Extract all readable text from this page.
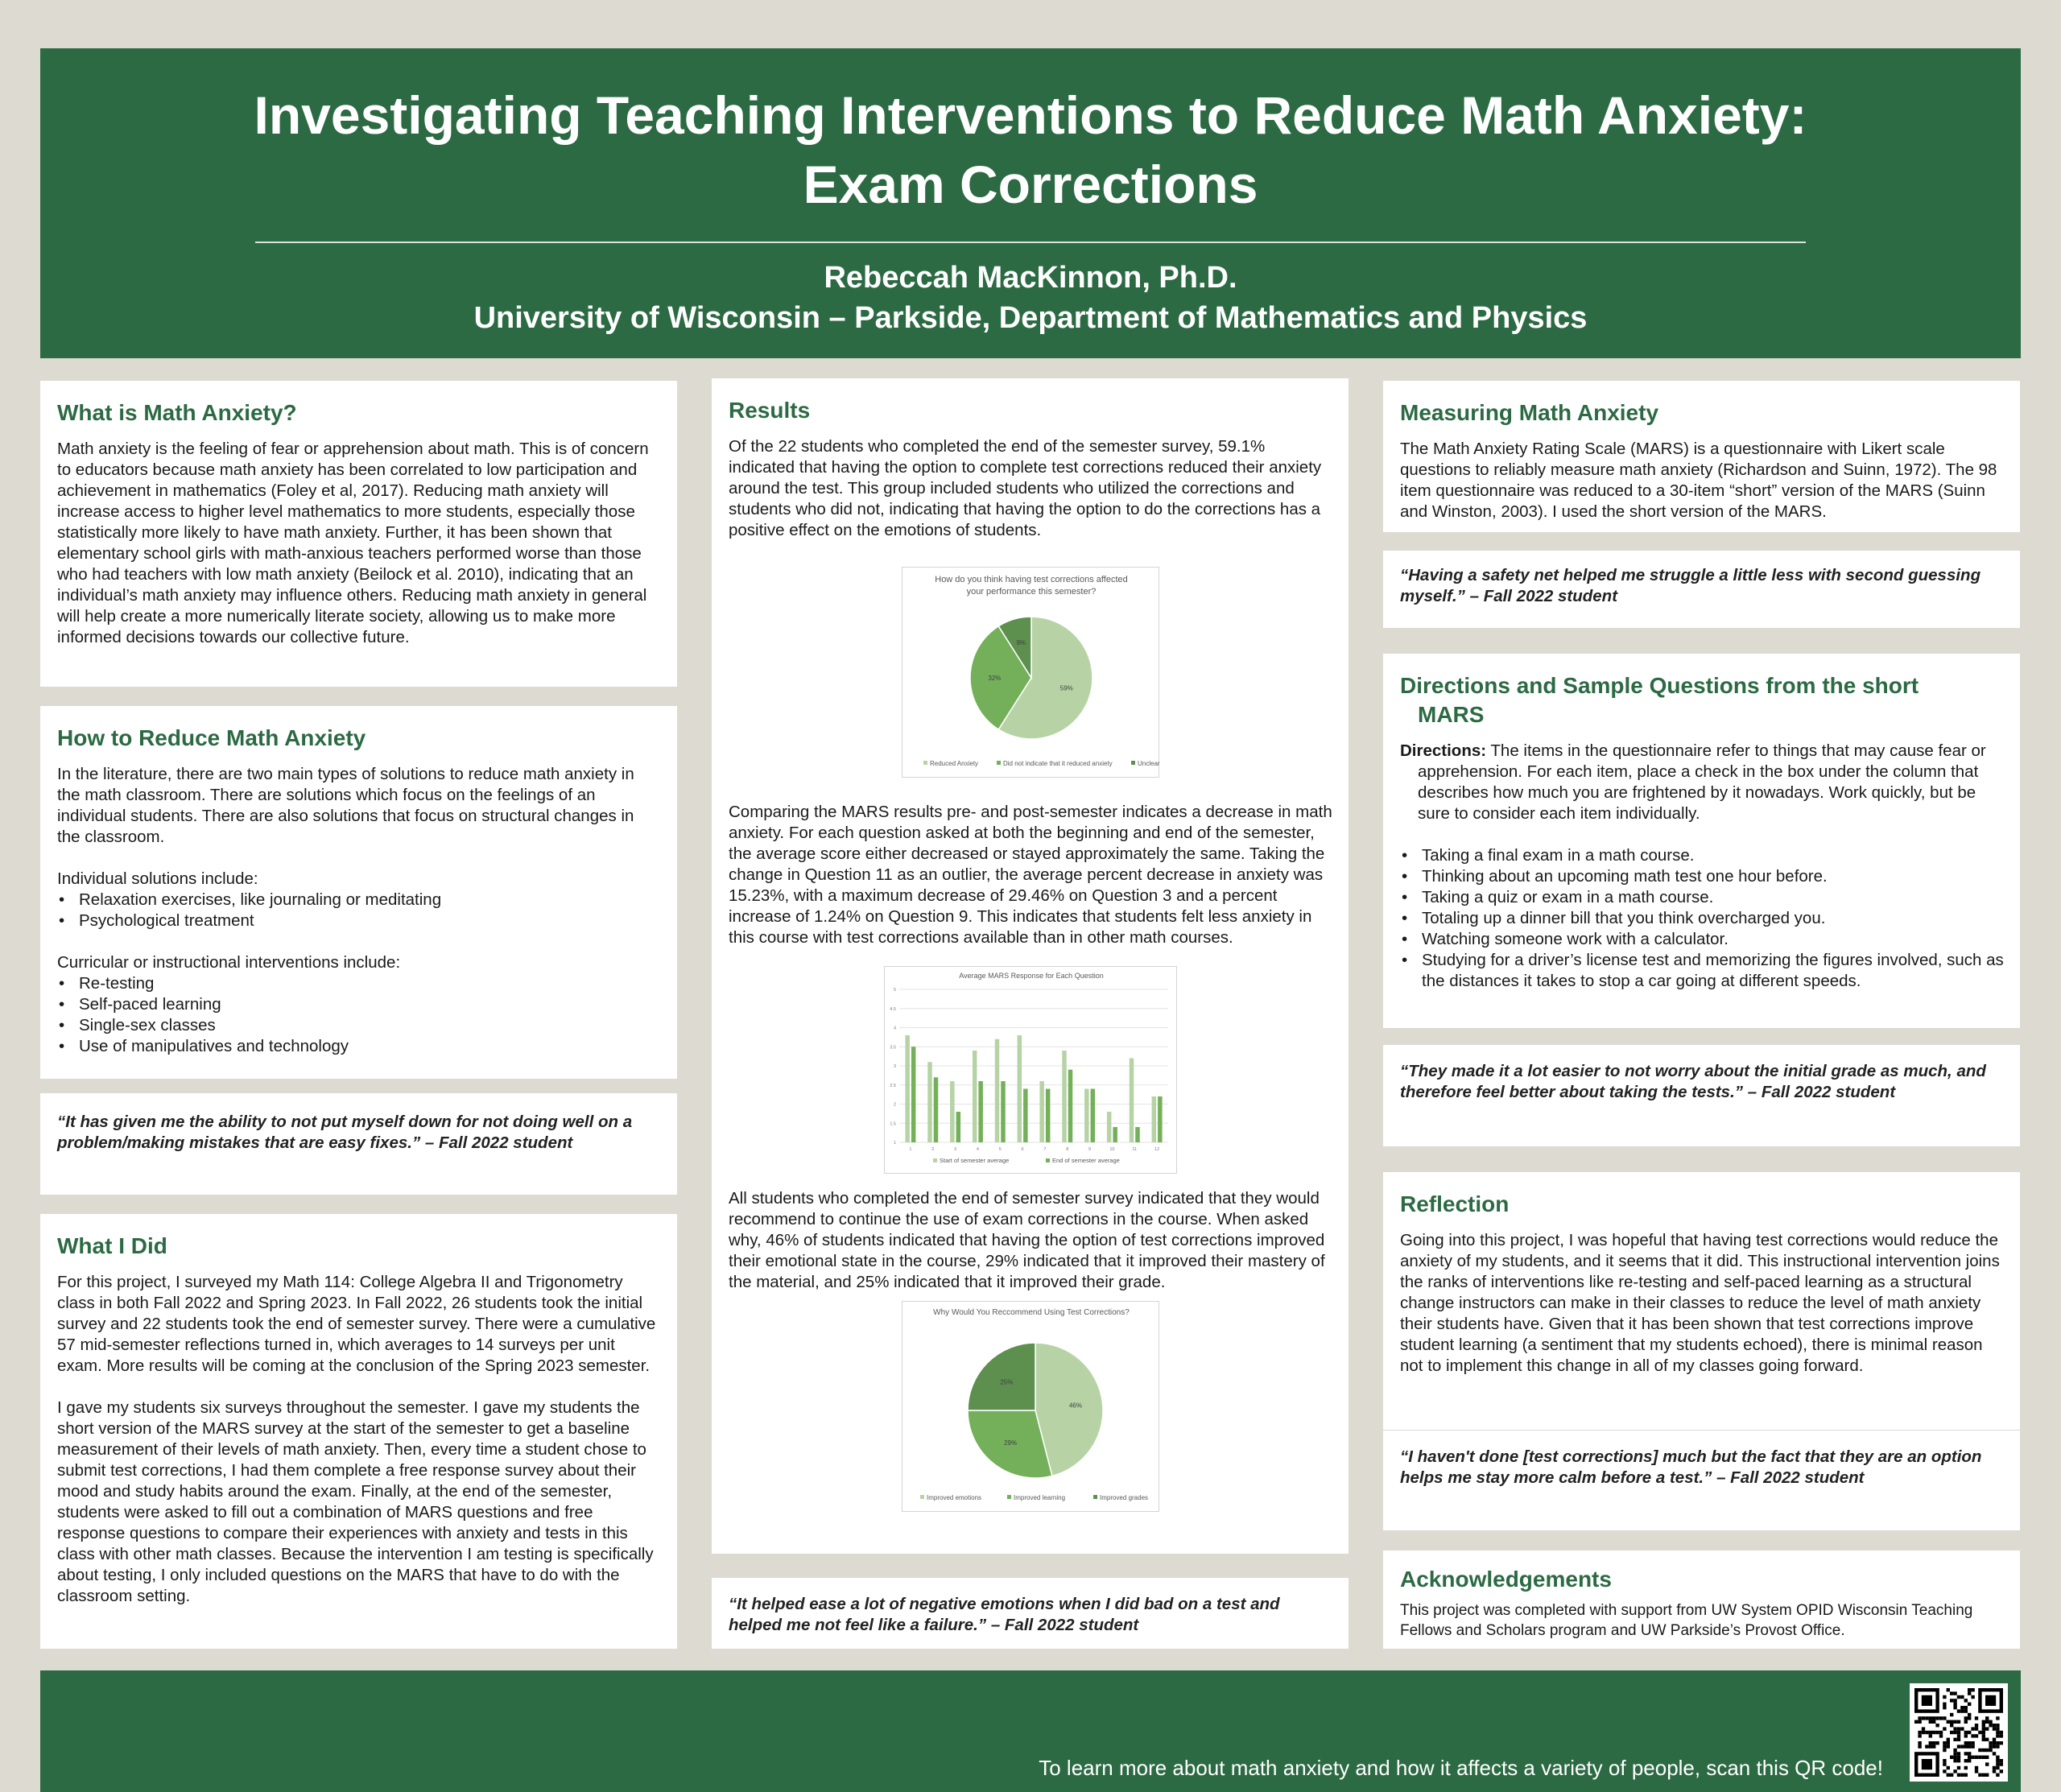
Investigating Teaching Interventions to Reduce Math Anxiety:
Exam Corrections
Rebeccah MacKinnon, Ph.D.
University of Wisconsin – Parkside, Department of Mathematics and Physics
What is Math Anxiety?

Math anxiety is the feeling of fear or apprehension about math. This is of concern to educators because math anxiety has been correlated to low participation and achievement in mathematics (Foley et al, 2017). Reducing math anxiety will increase access to higher level mathematics to more students, especially those statistically more likely to have math anxiety. Further, it has been shown that elementary school girls with math-anxious teachers performed worse than those who had teachers with low math anxiety (Beilock et al. 2010), indicating that an individual’s math anxiety may influence others. Reducing math anxiety in general will help create a more numerically literate society, allowing us to make more informed decisions towards our collective future.

How to Reduce Math Anxiety

In the literature, there are two main types of solutions to reduce math anxiety in the math classroom. There are solutions which focus on the feelings of an individual students. There are also solutions that focus on structural changes in the classroom.

Individual solutions include:

• Relaxation exercises, like journaling or meditating
• Psychological treatment

Curricular or instructional interventions include:

• Re-testing
• Self-paced learning
• Single-sex classes
• Use of manipulatives and technology

“It has given me the ability to not put myself down for not doing well on a problem/making mistakes that are easy fixes.” – Fall 2022 student

What I Did

For this project, I surveyed my Math 114: College Algebra II and Trigonometry class in both Fall 2022 and Spring 2023. In Fall 2022, 26 students took the initial survey and 22 students took the end of semester survey. There were a cumulative 57 mid-semester reflections turned in, which averages to 14 surveys per unit exam. More results will be coming at the conclusion of the Spring 2023 semester.

I gave my students six surveys throughout the semester. I gave my students the short version of the MARS survey at the start of the semester to get a baseline measurement of their levels of math anxiety. Then, every time a student chose to submit test corrections, I had them complete a free response survey about their mood and study habits around the exam. Finally, at the end of the semester, students were asked to fill out a combination of MARS questions and free response questions to compare their experiences with anxiety and tests in this class with other math classes. Because the intervention I am testing is specifically about testing, I only included questions on the MARS that have to do with the classroom setting.

Results

Of the 22 students who completed the end of the semester survey, 59.1% indicated that having the option to complete test corrections reduced their anxiety around the test. This group included students who utilized the corrections and students who did not, indicating that having the option to do the corrections has a positive effect on the emotions of students.

How do you think having test corrections affected
your performance this semester?
59%
32%
9%
Reduced Anxiety	Did not indicate that it reduced anxiety	Unclear

Comparing the MARS results pre- and post-semester indicates a decrease in math anxiety. For each question asked at both the beginning and end of the semester, the average score either decreased or stayed approximately the same. Taking the change in Question 11 as an outlier, the average percent decrease in anxiety was 15.23%, with a maximum decrease of 29.46% on Question 3 and a percent increase of 1.24% on Question 9. This indicates that students felt less anxiety in this course with test corrections available than in other math courses.

Average MARS Response for Each Question
1
1.5
2
2.5
3
3.5
4
4.5
5
1	2	3	4	5	6	7	8	9	10	11	12
Start of semester average	End of semester average

All students who completed the end of semester survey indicated that they would recommend to continue the use of exam corrections in the course. When asked why, 46% of students indicated that having the option of test corrections improved their emotional state in the course, 29% indicated that it improved their mastery of the material, and 25% indicated that it improved their grade.

Why Would You Reccommend Using Test Corrections?
46%
29%
25%
Improved emotions	Improved learning	Improved grades

“It helped ease a lot of negative emotions when I did bad on a test and helped me not feel like a failure.” – Fall 2022 student

Measuring Math Anxiety

The Math Anxiety Rating Scale (MARS) is a questionnaire with Likert scale questions to reliably measure math anxiety (Richardson and Suinn, 1972). The 98 item questionnaire was reduced to a 30-item “short” version of the MARS (Suinn and Winston, 2003). I used the short version of the MARS.

“Having a safety net helped me struggle a little less with second guessing myself.” – Fall 2022 student

Directions and Sample Questions from the short
MARS

Directions: The items in the questionnaire refer to things that may cause fear or apprehension. For each item, place a check in the box under the column that describes how much you are frightened by it nowadays. Work quickly, but be sure to consider each item individually.

• Taking a final exam in a math course.
• Thinking about an upcoming math test one hour before.
• Taking a quiz or exam in a math course.
• Totaling up a dinner bill that you think overcharged you.
• Watching someone work with a calculator.
• Studying for a driver’s license test and memorizing the figures involved, such as the distances it takes to stop a car going at different speeds.

“They made it a lot easier to not worry about the initial grade as much, and therefore feel better about taking the tests.” – Fall 2022 student

Reflection

Going into this project, I was hopeful that having test corrections would reduce the anxiety of my students, and it seems that it did. This instructional intervention joins the ranks of interventions like re-testing and self-paced learning as a structural change instructors can make in their classes to reduce the level of math anxiety their students have. Given that it has been shown that test corrections improve student learning (a sentiment that my students echoed), there is minimal reason not to implement this change in all of my classes going forward.

“I haven't done [test corrections] much but the fact that they are an option helps me stay more calm before a test.” – Fall 2022 student

Acknowledgements

This project was completed with support from UW System OPID Wisconsin Teaching Fellows and Scholars program and UW Parkside’s Provost Office.

To learn more about math anxiety and how it affects a variety of people, scan this QR code!
